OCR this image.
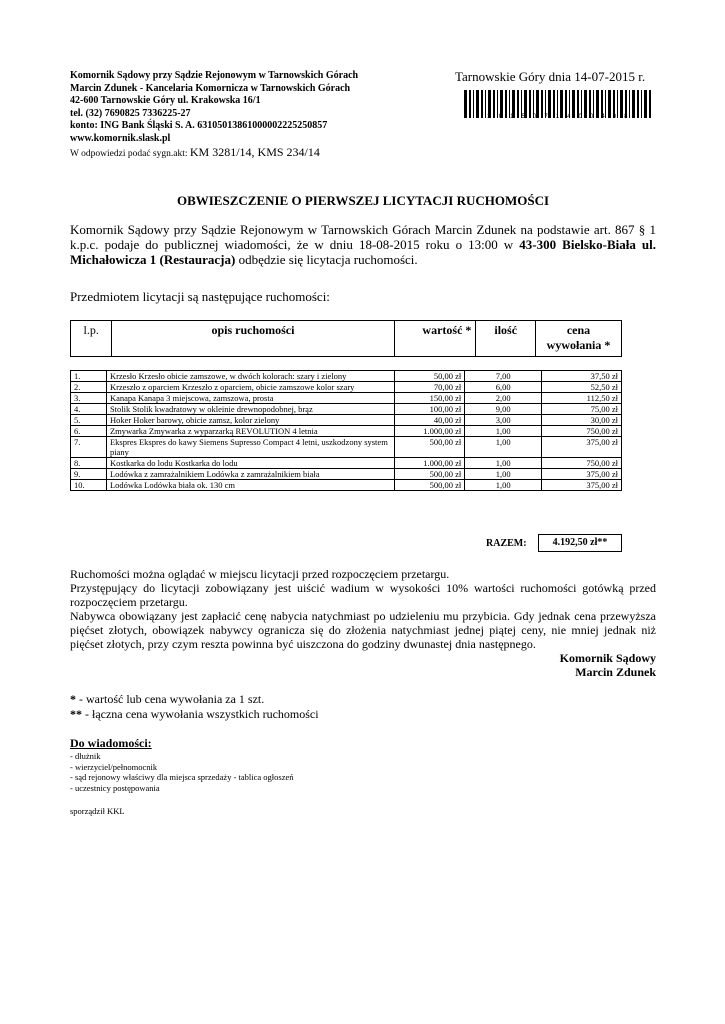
Komornik Sądowy przy Sądzie Rejonowym w Tarnowskich Górach
Marcin Zdunek - Kancelaria Komornicza w Tarnowskich Górach
42-600 Tarnowskie Góry ul. Krakowska 16/1
tel. (32) 7690825 7336225-27
konto: ING Bank Śląski S. A. 63105013861000002225250857
www.komornik.slask.pl
W odpowiedzi podać sygn.akt: KM 3281/14, KMS 234/14
Tarnowskie Góry dnia 14-07-2015 r.
3 0 1 5 0 7 1 4 0 0 4 0 8
OBWIESZCZENIE O PIERWSZEJ LICYTACJI RUCHOMOŚCI
Komornik Sądowy przy Sądzie Rejonowym w Tarnowskich Górach Marcin Zdunek na podstawie art. 867 § 1 k.p.c. podaje do publicznej wiadomości, że w dniu 18-08-2015 roku o 13:00 w 43-300 Bielsko-Biała ul. Michałowicza 1 (Restauracja) odbędzie się licytacja ruchomości.
Przedmiotem licytacji są następujące ruchomości:
l.p.	opis ruchomości	wartość *	ilość	cena wywołania *
1.	Krzesło Krzesło obicie zamszowe, w dwóch kolorach: szary i zielony	50,00 zł	7,00	37,50 zł
2.	Krzeszło z oparciem Krzeszło z oparciem, obicie zamszowe kolor szary	70,00 zł	6,00	52,50 zł
3.	Kanapa Kanapa 3 miejscowa, zamszowa, prosta	150,00 zł	2,00	112,50 zł
4.	Stolik Stolik kwadratowy w okleinie drewnopodobnej, brąz	100,00 zł	9,00	75,00 zł
5.	Hoker Hoker barowy, obicie zamsz, kolor zielony	40,00 zł	3,00	30,00 zł
6.	Zmywarka Zmywarka z wyparzarką REVOLUTION 4 letnia	1.000,00 zł	1,00	750,00 zł
7.	Ekspres Ekspres do kawy Siemens Supresso Compact 4 letni, uszkodzony system piany	500,00 zł	1,00	375,00 zł
8.	Kostkarka do lodu Kostkarka do lodu	1.000,00 zł	1,00	750,00 zł
9.	Lodówka z zamrażalnikiem Lodówka z zamrażalnikiem biała	500,00 zł	1,00	375,00 zł
10.	Lodówka Lodówka biała ok. 130 cm	500,00 zł	1,00	375,00 zł
RAZEM:	4.192,50 zł**
Ruchomości można oglądać w miejscu licytacji przed rozpoczęciem przetargu.
Przystępujący do licytacji zobowiązany jest uiścić wadium w wysokości 10% wartości ruchomości gotówką przed rozpoczęciem przetargu.
Nabywca obowiązany jest zapłacić cenę nabycia natychmiast po udzieleniu mu przybicia. Gdy jednak cena przewyższa pięćset złotych, obowiązek nabywcy ogranicza się do złożenia natychmiast jednej piątej ceny, nie mniej jednak niż pięćset złotych, przy czym reszta powinna być uiszczona do godziny dwunastej dnia następnego.
Komornik Sądowy
Marcin Zdunek
* - wartość lub cena wywołania za 1 szt.
** - łączna cena wywołania wszystkich ruchomości
Do wiadomości:
- dłużnik
- wierzyciel/pełnomocnik
- sąd rejonowy właściwy dla miejsca sprzedaży - tablica ogłoszeń
- uczestnicy postępowania
sporządził KKL
